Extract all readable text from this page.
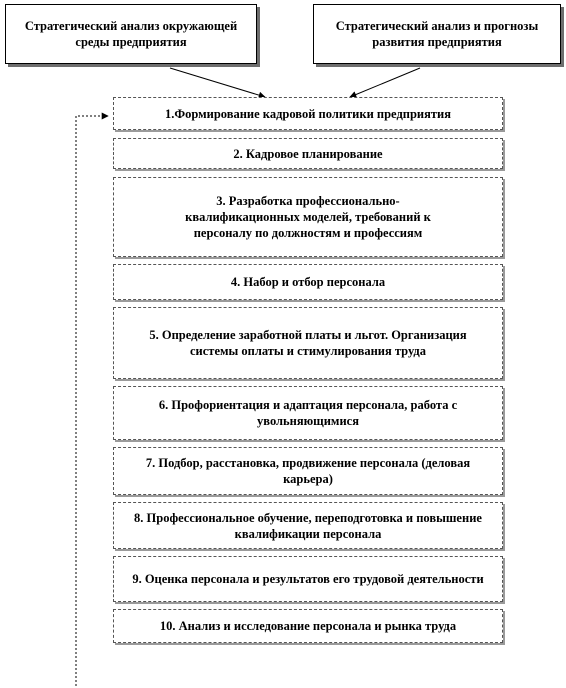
Стратегический анализ окружающей среды предприятия
Стратегический анализ и прогнозы развития предприятия
1.Формирование кадровой политики предприятия
2. Кадровое планирование
3. Разработка профессионально-квалификационных моделей, требований к персоналу по должностям и профессиям
4. Набор и отбор персонала
5. Определение заработной платы и льгот. Организация системы оплаты и стимулирования труда
6. Профориентация и адаптация персонала, работа с увольняющимися
7. Подбор, расстановка, продвижение персонала (деловая карьера)
8. Профессиональное обучение, переподготовка и повышение квалификации персонала
9. Оценка персонала и результатов его трудовой деятельности
10. Анализ и исследование персонала и рынка труда
